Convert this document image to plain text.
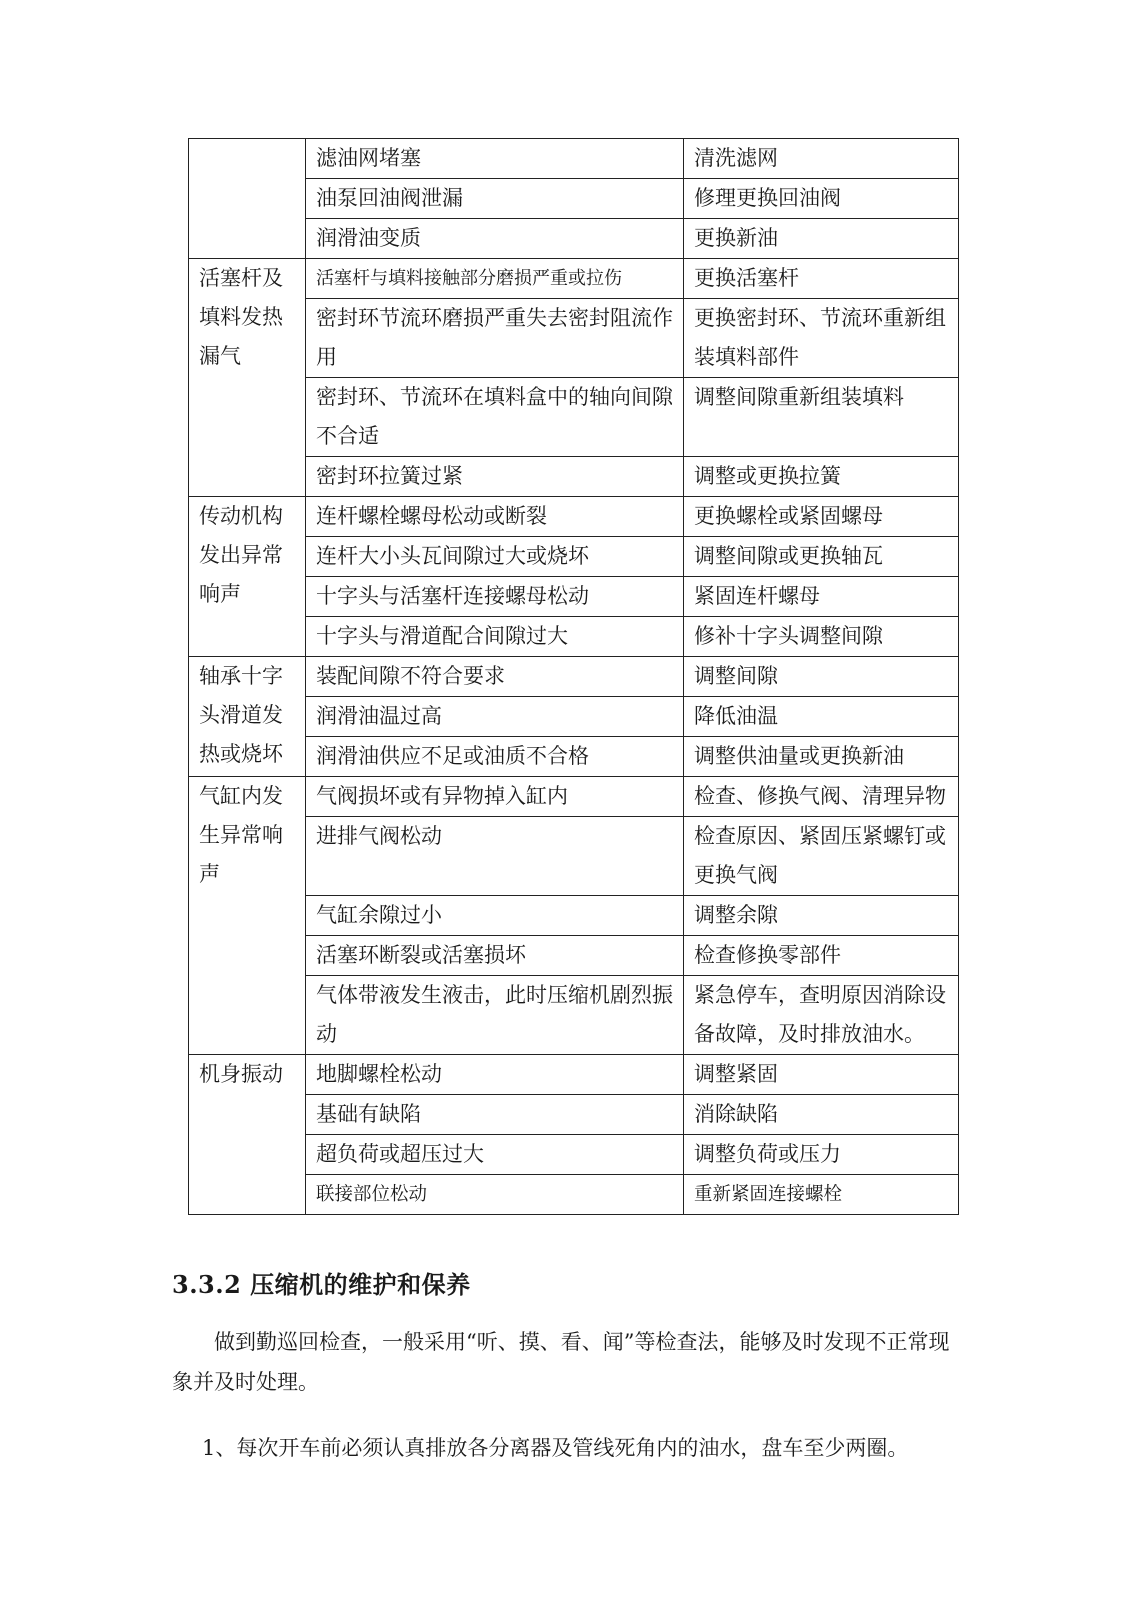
	滤油网堵塞	清洗滤网
	油泵回油阀泄漏	修理更换回油阀
	润滑油变质	更换新油
活塞杆及填料发热漏气	活塞杆与填料接触部分磨损严重或拉伤	更换活塞杆
	密封环节流环磨损严重失去密封阻流作用	更换密封环、节流环重新组装填料部件
	密封环、节流环在填料盒中的轴向间隙不合适	调整间隙重新组装填料
	密封环拉簧过紧	调整或更换拉簧
传动机构发出异常响声	连杆螺栓螺母松动或断裂	更换螺栓或紧固螺母
	连杆大小头瓦间隙过大或烧坏	调整间隙或更换轴瓦
	十字头与活塞杆连接螺母松动	紧固连杆螺母
	十字头与滑道配合间隙过大	修补十字头调整间隙
轴承十字头滑道发热或烧坏	装配间隙不符合要求	调整间隙
	润滑油温过高	降低油温
	润滑油供应不足或油质不合格	调整供油量或更换新油
气缸内发生异常响声	气阀损坏或有异物掉入缸内	检查、修换气阀、清理异物
	进排气阀松动	检查原因、紧固压紧螺钉或更换气阀
	气缸余隙过小	调整余隙
	活塞环断裂或活塞损坏	检查修换零部件
	气体带液发生液击，此时压缩机剧烈振动	紧急停车，查明原因消除设备故障，及时排放油水。
机身振动	地脚螺栓松动	调整紧固
	基础有缺陷	消除缺陷
	超负荷或超压过大	调整负荷或压力
	联接部位松动	重新紧固连接螺栓
3.3.2 压缩机的维护和保养

做到勤巡回检查，一般采用“听、摸、看、闻”等检查法，能够及时发现不正常现象并及时处理。

1、每次开车前必须认真排放各分离器及管线死角内的油水，盘车至少两圈。
